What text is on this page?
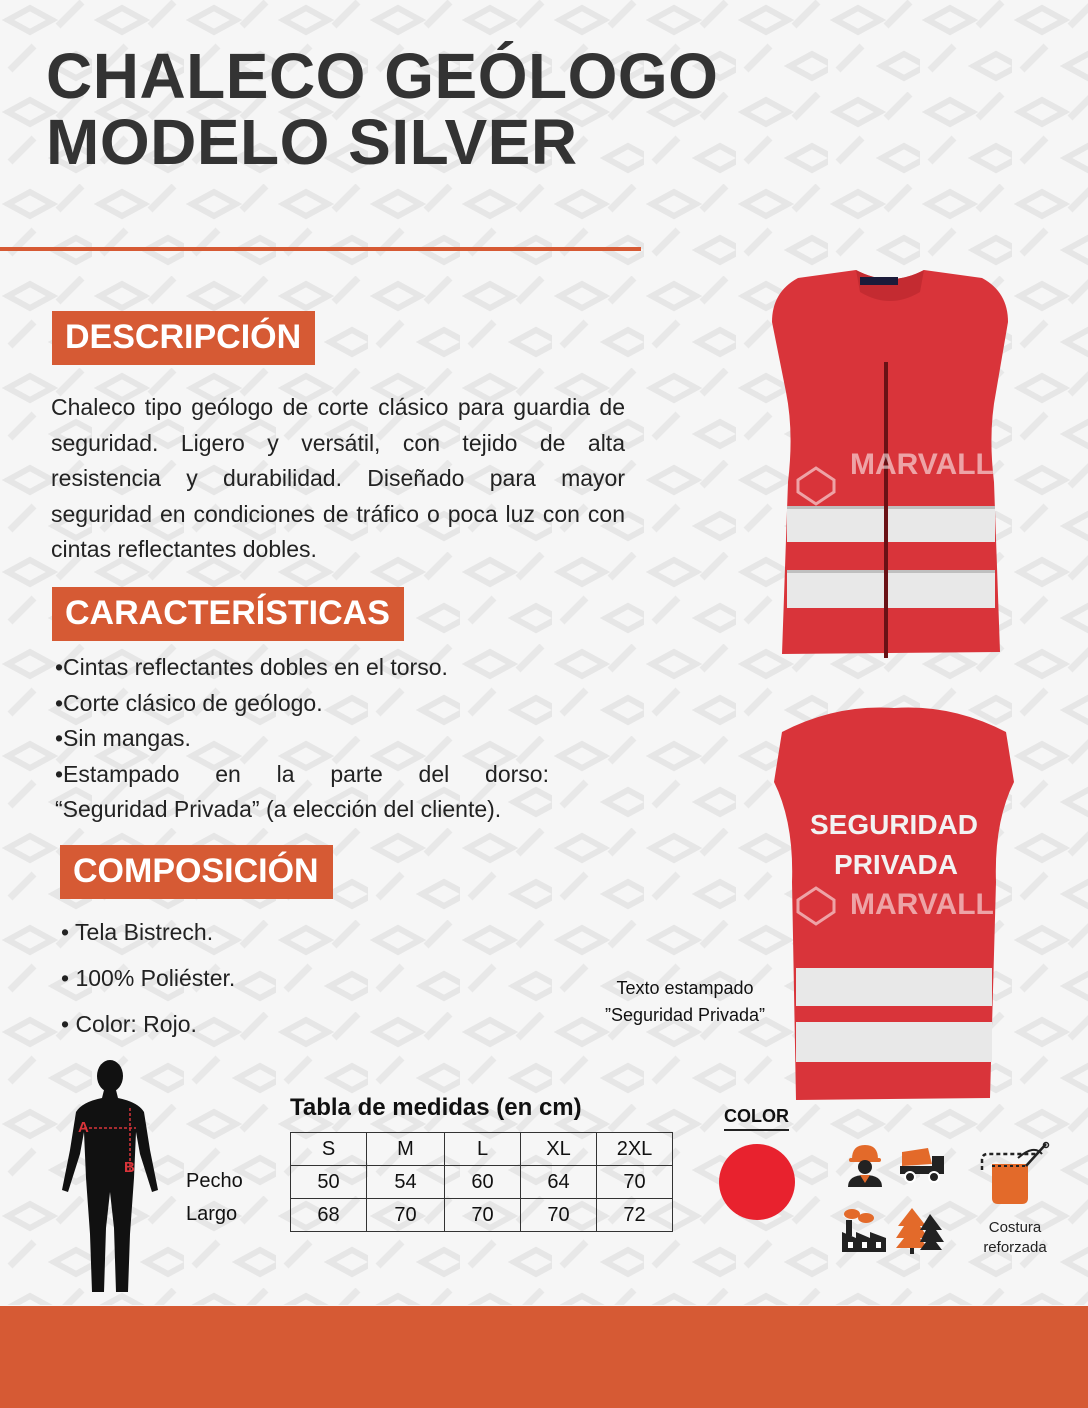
CHALECO GEÓLOGO
MODELO SILVER
DESCRIPCIÓN
Chaleco tipo geólogo de corte clásico para guardia de seguridad. Ligero y versátil, con tejido de alta resistencia y durabilidad. Diseñado para mayor seguridad en condiciones de tráfico o poca luz con con cintas reflectantes dobles.
CARACTERÍSTICAS
•Cintas reflectantes dobles en el torso.
•Corte clásico de geólogo.
•Sin mangas.
•Estampado en la parte del dorso:
“Seguridad Privada” (a elección del cliente).
COMPOSICIÓN
• Tela Bistrech.
• 100% Poliéster.
• Color: Rojo.
MARVALL
SEGURIDAD
PRIVADA
MARVALL
Texto estampado
”Seguridad Privada”
A
B
Tabla de medidas (en cm)
Pecho
Largo
S	M	L	XL	2XL
50	54	60	64	70
68	70	70	70	72
COLOR
Costura
reforzada
